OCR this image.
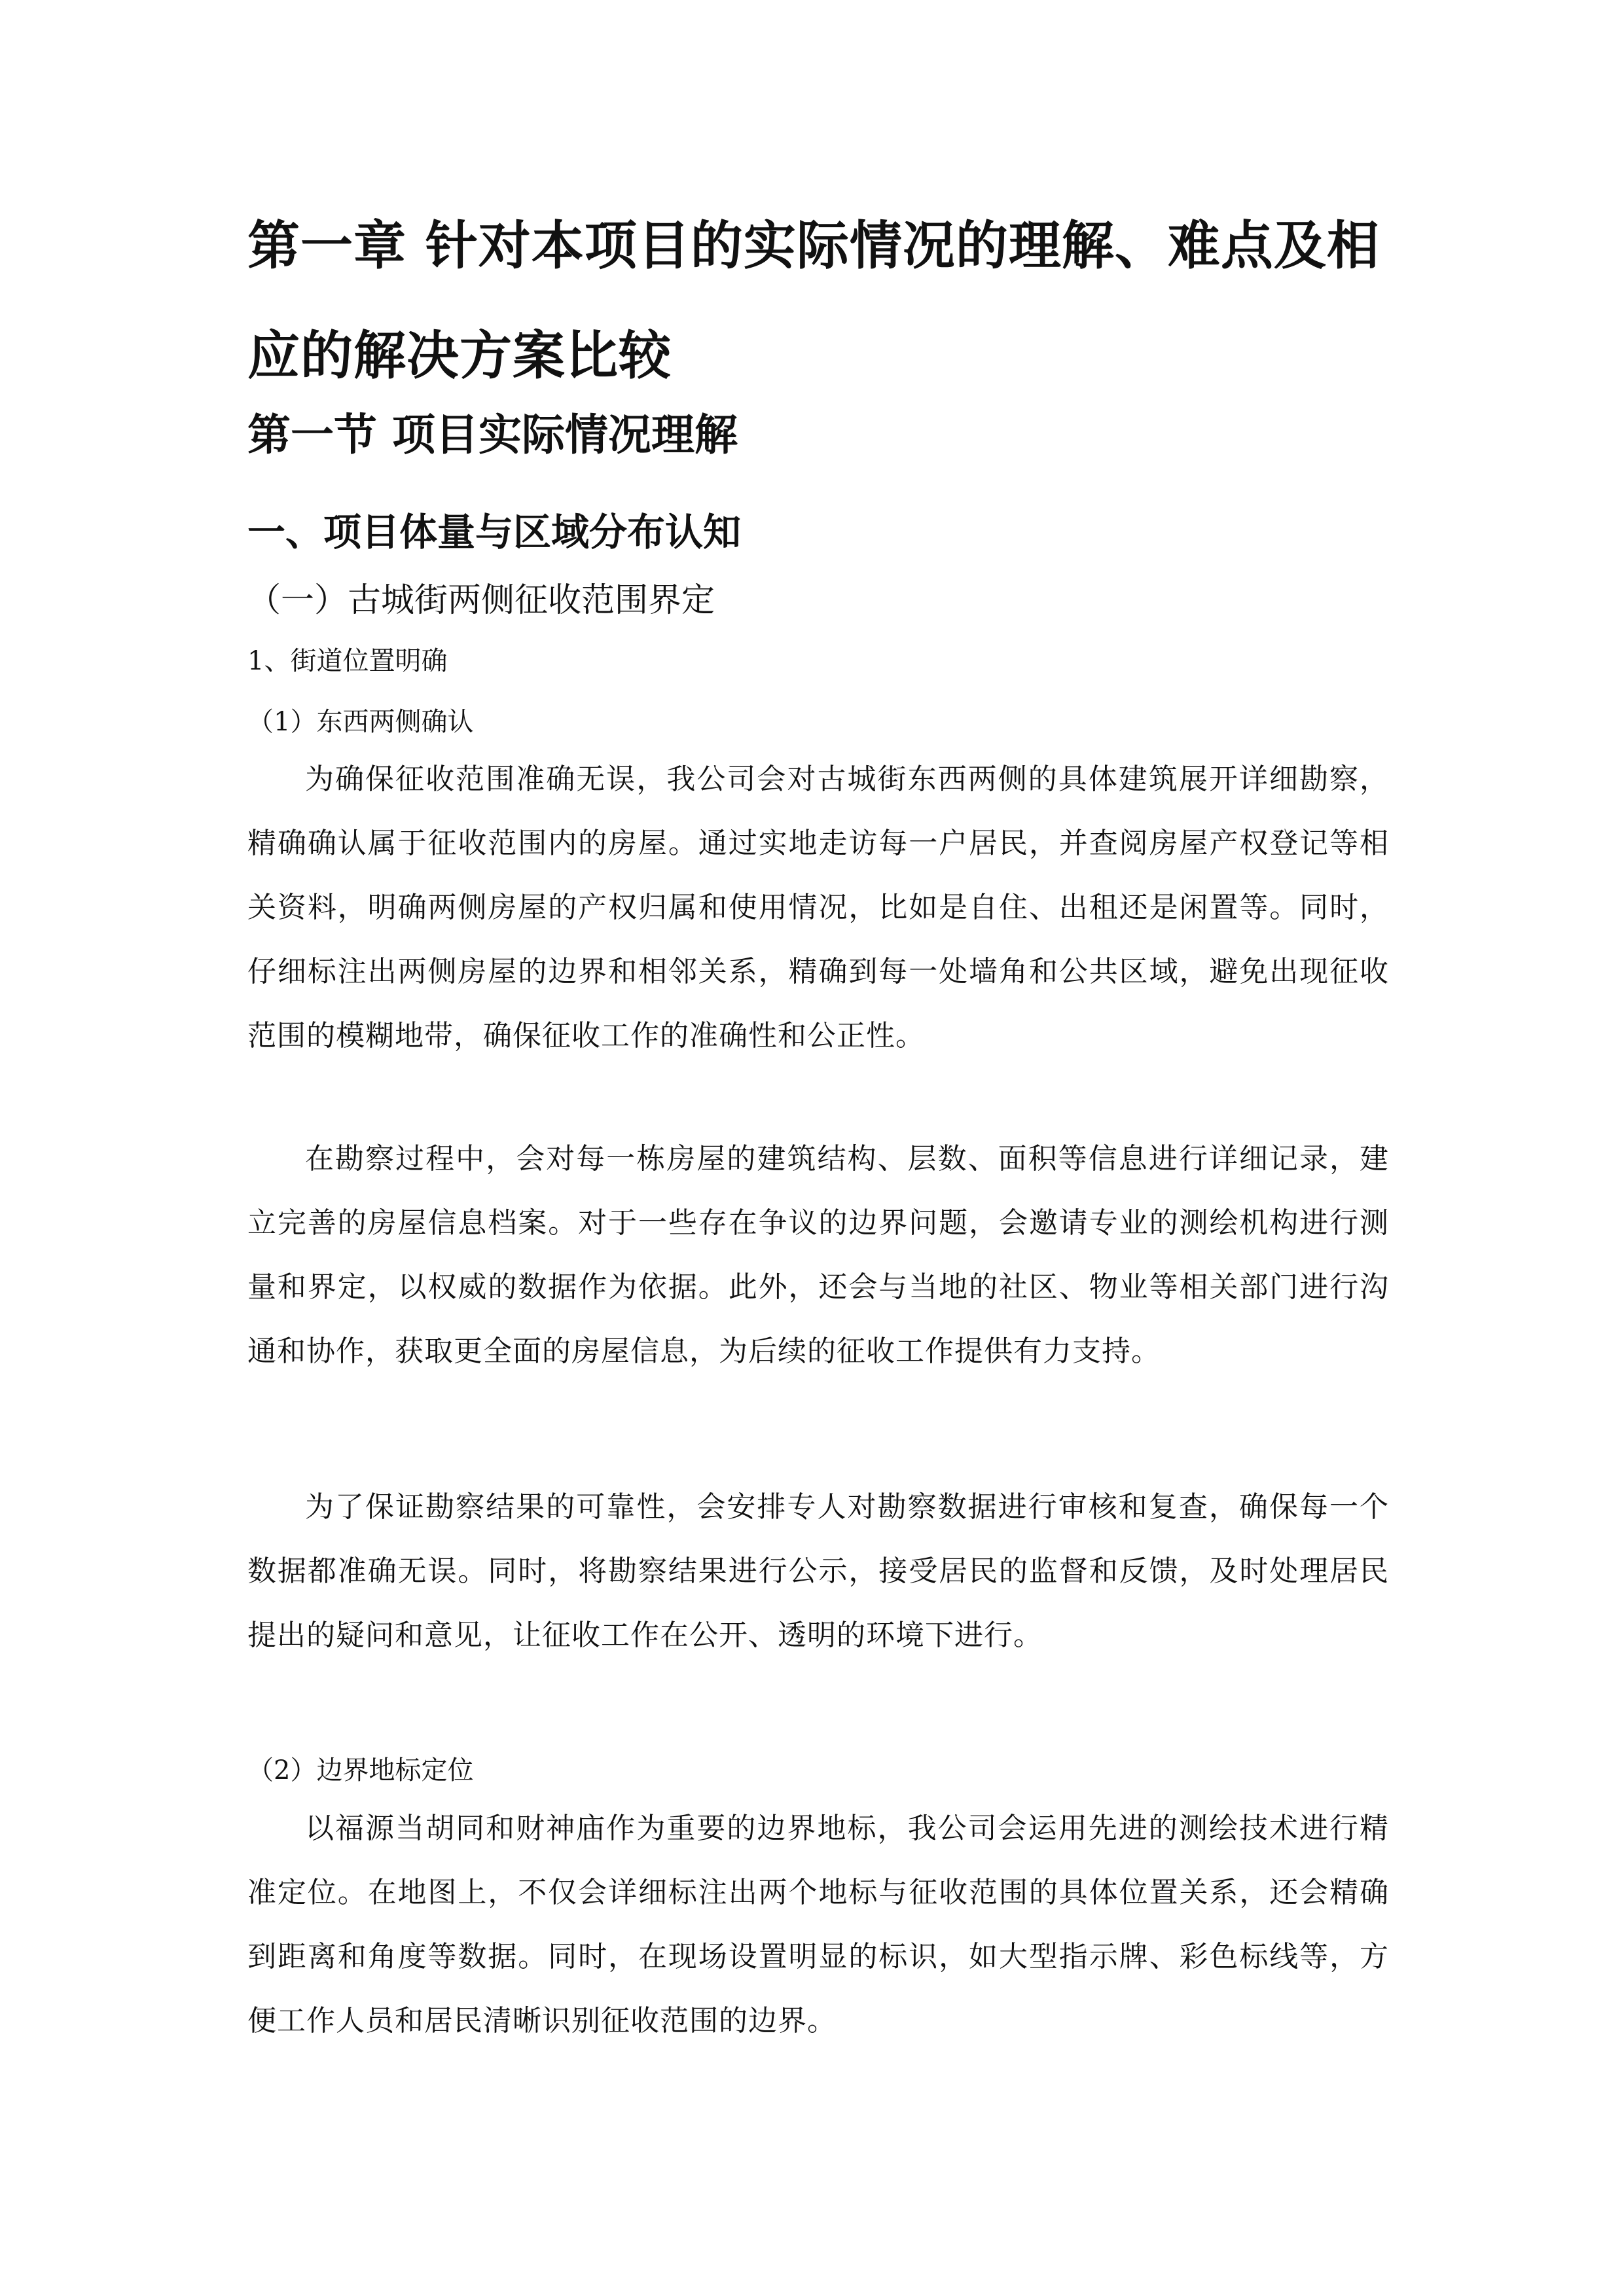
第一章 针对本项目的实际情况的理解、难点及相应的解决方案比较
第一节 项目实际情况理解
一、项目体量与区域分布认知
（一）古城街两侧征收范围界定
1、街道位置明确
（1）东西两侧确认

为确保征收范围准确无误，我公司会对古城街东西两侧的具体建筑展开详细勘察，精确确认属于征收范围内的房屋。通过实地走访每一户居民，并查阅房屋产权登记等相关资料，明确两侧房屋的产权归属和使用情况，比如是自住、出租还是闲置等。同时，仔细标注出两侧房屋的边界和相邻关系，精确到每一处墙角和公共区域，避免出现征收范围的模糊地带，确保征收工作的准确性和公正性。

在勘察过程中，会对每一栋房屋的建筑结构、层数、面积等信息进行详细记录，建立完善的房屋信息档案。对于一些存在争议的边界问题，会邀请专业的测绘机构进行测量和界定，以权威的数据作为依据。此外，还会与当地的社区、物业等相关部门进行沟通和协作，获取更全面的房屋信息，为后续的征收工作提供有力支持。

为了保证勘察结果的可靠性，会安排专人对勘察数据进行审核和复查，确保每一个数据都准确无误。同时，将勘察结果进行公示，接受居民的监督和反馈，及时处理居民提出的疑问和意见，让征收工作在公开、透明的环境下进行。

（2）边界地标定位

以福源当胡同和财神庙作为重要的边界地标，我公司会运用先进的测绘技术进行精准定位。在地图上，不仅会详细标注出两个地标与征收范围的具体位置关系，还会精确到距离和角度等数据。同时，在现场设置明显的标识，如大型指示牌、彩色标线等，方便工作人员和居民清晰识别征收范围的边界。
